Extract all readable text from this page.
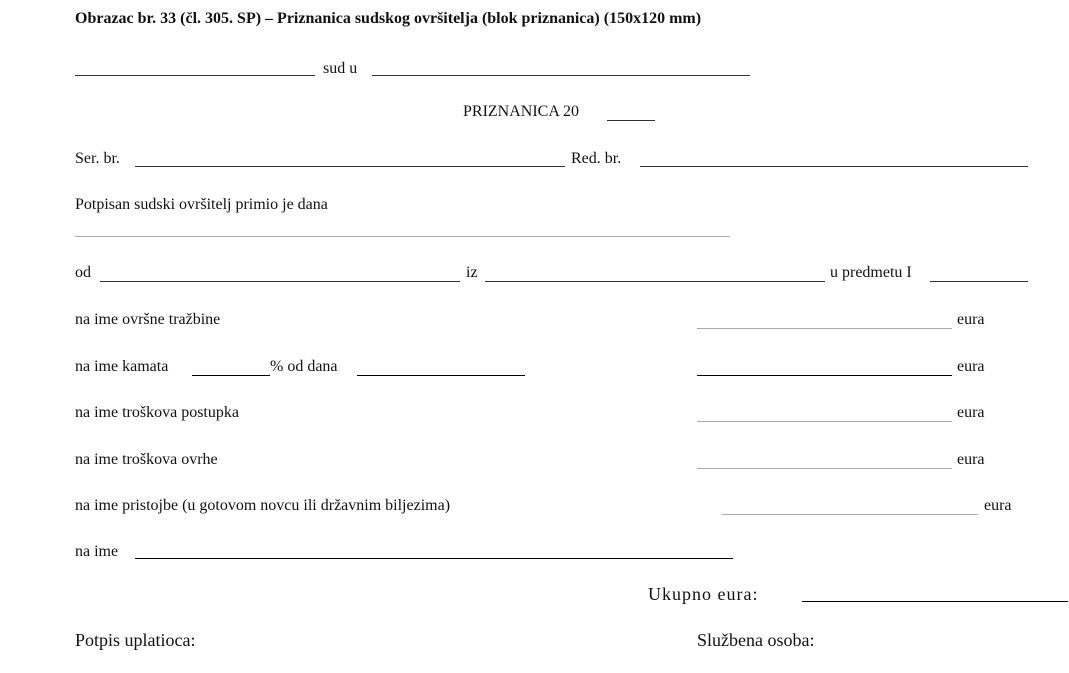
Obrazac br. 33 (čl. 305. SP) – Priznanica sudskog ovršitelja (blok priznanica) (150x120 mm)
sud u
PRIZNANICA 20
Ser. br.	Red. br.
Potpisan sudski ovršitelj primio je dana
od	iz	u predmetu I
na ime ovršne tražbine	eura
na ime kamata	% od dana	eura
na ime troškova postupka	eura
na ime troškova ovrhe	eura
na ime pristojbe (u gotovom novcu ili državnim biljezima)	eura
na ime
Ukupno eura:
Potpis uplatioca:	Službena osoba:
